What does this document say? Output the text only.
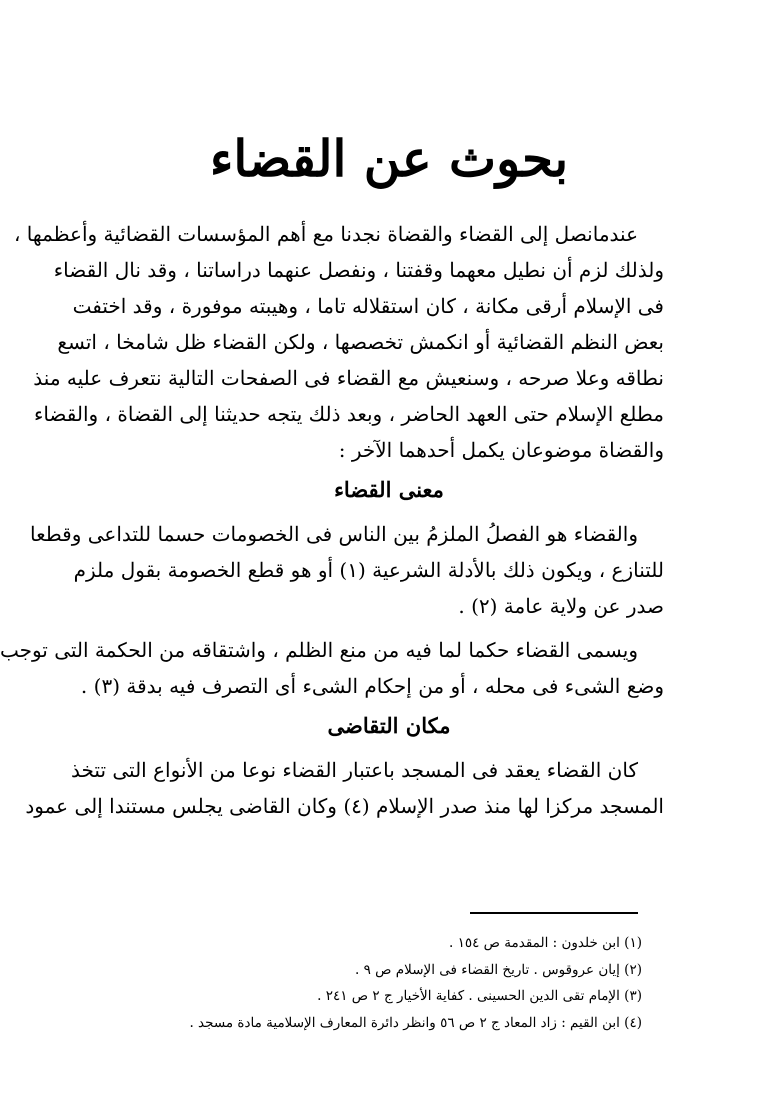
بحوث عن القضاء
عندمانصل إلى القضاء والقضاة نجدنا مع أهم المؤسسات القضائية وأعظمها ،
ولذلك لزم أن نطيل معهما وقفتنا ، ونفصل عنهما دراساتنا ، وقد نال القضاء
فى الإسلام أرقى مكانة ، كان استقلاله تاما ، وهيبته موفورة ، وقد اختفت
بعض النظم القضائية أو انكمش تخصصها ، ولكن القضاء ظل شامخا ، اتسع
نطاقه وعلا صرحه ، وسنعيش مع القضاء فى الصفحات التالية نتعرف عليه منذ
مطلع الإسلام حتى العهد الحاضر ، وبعد ذلك يتجه حديثنا إلى القضاة ، والقضاء
والقضاة موضوعان يكمل أحدهما الآخر :
معنى القضاء
والقضاء هو الفصلُ الملزمُ بين الناس فى الخصومات حسما للتداعى وقطعا
للتنازع ، ويكون ذلك بالأدلة الشرعية (١) أو هو قطع الخصومة بقول ملزم
صدر عن ولاية عامة (٢) .
ويسمى القضاء حكما لما فيه من منع الظلم ، واشتقاقه من الحكمة التى توجب
وضع الشىء فى محله ، أو من إحكام الشىء أى التصرف فيه بدقة (٣) .
مكان التقاضى
كان القضاء يعقد فى المسجد باعتبار القضاء نوعا من الأنواع التى تتخذ
المسجد مركزا لها منذ صدر الإسلام (٤) وكان القاضى يجلس مستندا إلى عمود
(١) ابن خلدون : المقدمة ص ١٥٤ .
(٢) إيان عروقوس . تاريخ القضاء فى الإسلام ص ٩ .
(٣) الإمام تقى الدين الحسينى . كفاية الأخيار ج ٢ ص ٢٤١ .
(٤) ابن القيم : زاد المعاد ج ٢ ص ٥٦ وانظر دائرة المعارف الإسلامية مادة مسجد .
